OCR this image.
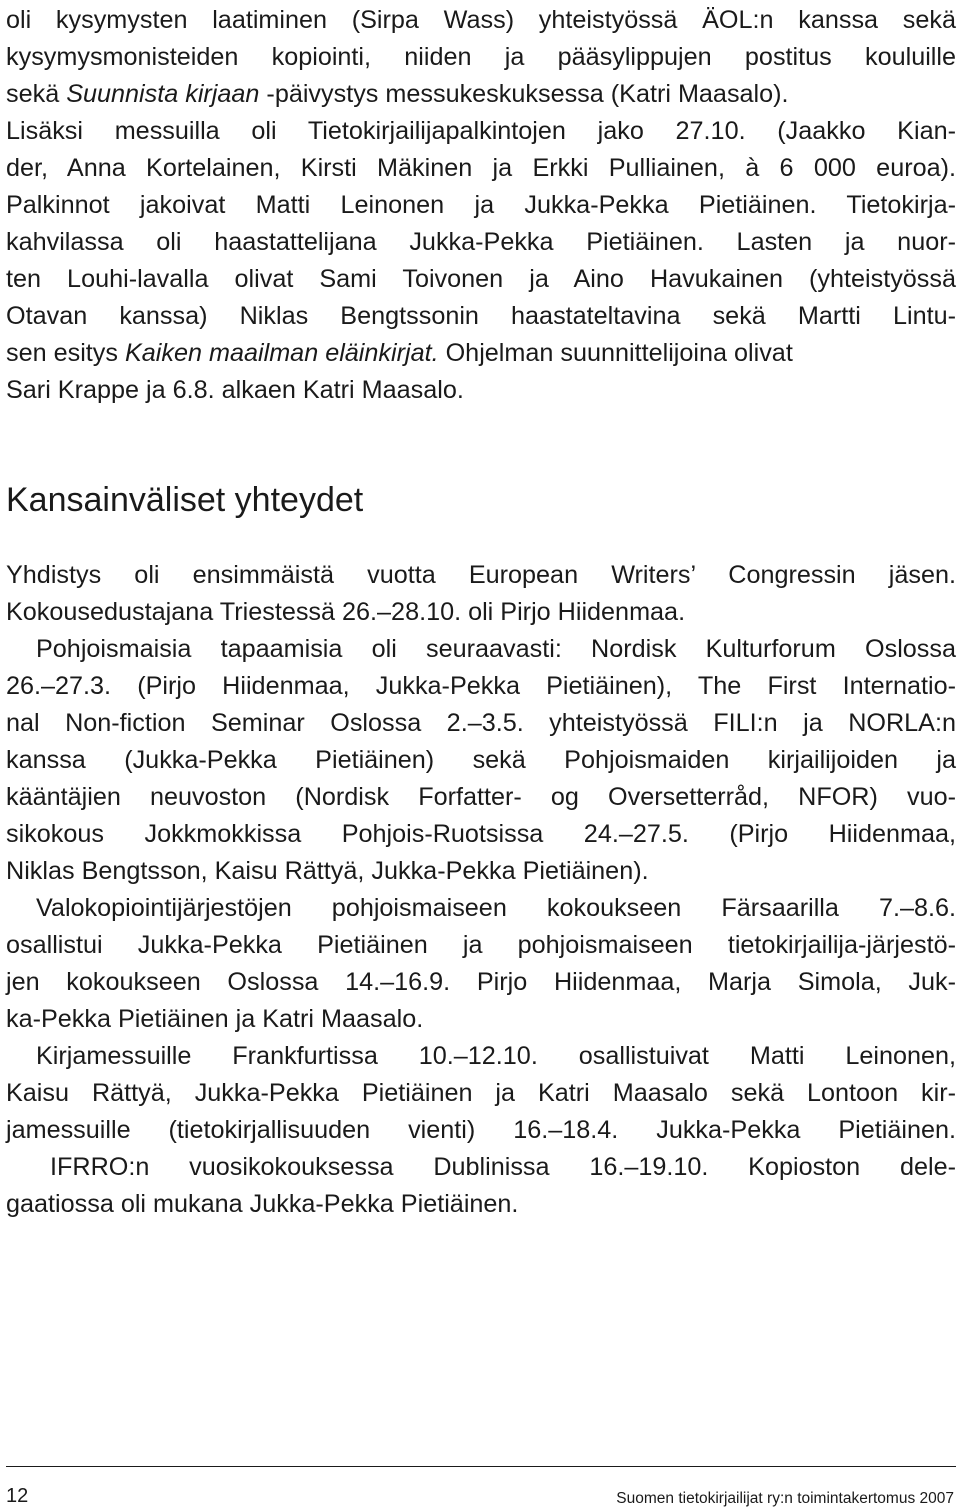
oli kysymysten laatiminen (Sirpa Wass) yhteistyössä ÄOL:n kanssa sekä
kysymysmonisteiden kopiointi, niiden ja pääsylippujen postitus kouluille
sekä Suunnista kirjaan -päivystys messukeskuksessa (Katri Maasalo).
Lisäksi messuilla oli Tietokirjailijapalkintojen jako 27.10. (Jaakko Kian-
der, Anna Kortelainen, Kirsti Mäkinen ja Erkki Pulliainen, à 6 000 euroa).
Palkinnot jakoivat Matti Leinonen ja Jukka-Pekka Pietiäinen. Tietokirja-
kahvilassa oli haastattelijana Jukka-Pekka Pietiäinen. Lasten ja nuor-
ten Louhi-lavalla olivat Sami Toivonen ja Aino Havukainen (yhteistyössä
Otavan kanssa) Niklas Bengtssonin haastateltavina sekä Martti Lintu-
sen esitys Kaiken maailman eläinkirjat. Ohjelman suunnittelijoina olivat
Sari Krappe ja 6.8. alkaen Katri Maasalo.
Kansainväliset yhteydet
Yhdistys oli ensimmäistä vuotta European Writers’ Congressin jäsen.
Kokousedustajana Triestessä 26.–28.10. oli Pirjo Hiidenmaa.
Pohjoismaisia tapaamisia oli seuraavasti: Nordisk Kulturforum Oslossa
26.–27.3. (Pirjo Hiidenmaa, Jukka-Pekka Pietiäinen), The First Internatio-
nal Non-fiction Seminar Oslossa 2.–3.5. yhteistyössä FILI:n ja NORLA:n
kanssa (Jukka-Pekka Pietiäinen) sekä Pohjoismaiden kirjailijoiden ja
kääntäjien neuvoston (Nordisk Forfatter- og Oversetterråd, NFOR) vuo-
sikokous Jokkmokkissa Pohjois-Ruotsissa 24.–27.5. (Pirjo Hiidenmaa,
Niklas Bengtsson, Kaisu Rättyä, Jukka-Pekka Pietiäinen).
Valokopiointijärjestöjen pohjoismaiseen kokoukseen Färsaarilla 7.–8.6.
osallistui Jukka-Pekka Pietiäinen ja pohjoismaiseen tietokirjailija-järjestö-
jen kokoukseen Oslossa 14.–16.9. Pirjo Hiidenmaa, Marja Simola, Juk-
ka-Pekka Pietiäinen ja Katri Maasalo.
Kirjamessuille Frankfurtissa 10.–12.10. osallistuivat Matti Leinonen,
Kaisu Rättyä, Jukka-Pekka Pietiäinen ja Katri Maasalo sekä Lontoon kir-
jamessuille (tietokirjallisuuden vienti) 16.–18.4. Jukka-Pekka Pietiäinen.
IFRRO:n vuosikokouksessa Dublinissa 16.–19.10. Kopioston dele-
gaatiossa oli mukana Jukka-Pekka Pietiäinen.
12	Suomen tietokirjailijat ry:n toimintakertomus 2007
